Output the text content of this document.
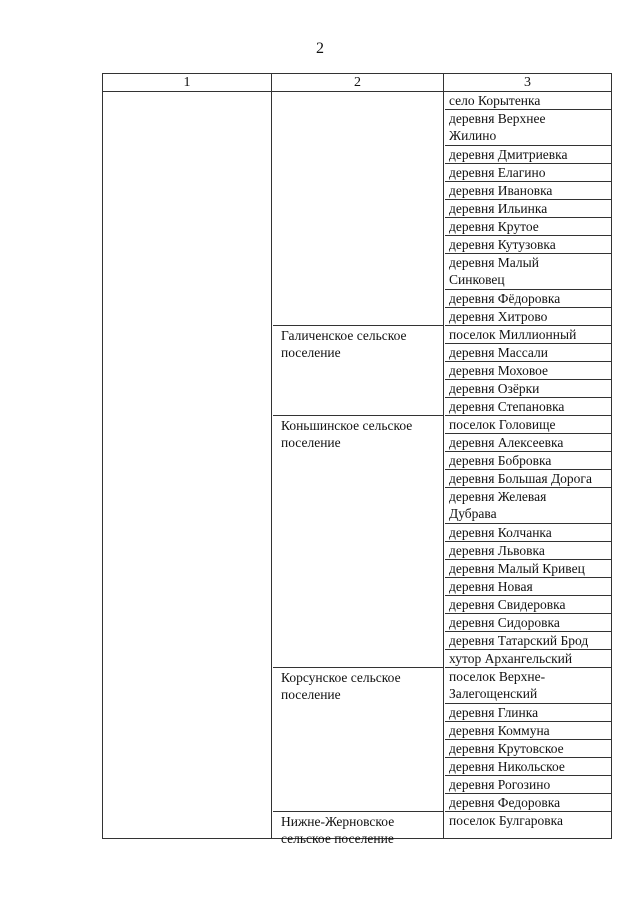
2
1	2	3
Галиченское сельское
поселение
Коньшинское сельское
поселение
Корсунское сельское
поселение
Нижне-Жерновское
сельское поселение
село Корытенка
деревня Верхнее
Жилино
деревня Дмитриевка
деревня Елагино
деревня Ивановка
деревня Ильинка
деревня Крутое
деревня Кутузовка
деревня Малый
Синковец
деревня Фёдоровка
деревня Хитрово
поселок Миллионный
деревня Массали
деревня Моховое
деревня Озёрки
деревня Степановка
поселок Головище
деревня Алексеевка
деревня Бобровка
деревня Большая Дорога
деревня Желевая
Дубрава
деревня Колчанка
деревня Львовка
деревня Малый Кривец
деревня Новая
деревня Свидеровка
деревня Сидоровка
деревня Татарский Брод
хутор Архангельский
поселок Верхне-
Залегощенский
деревня Глинка
деревня Коммуна
деревня Крутовское
деревня Никольское
деревня Рогозино
деревня Федоровка
поселок Булгаровка
